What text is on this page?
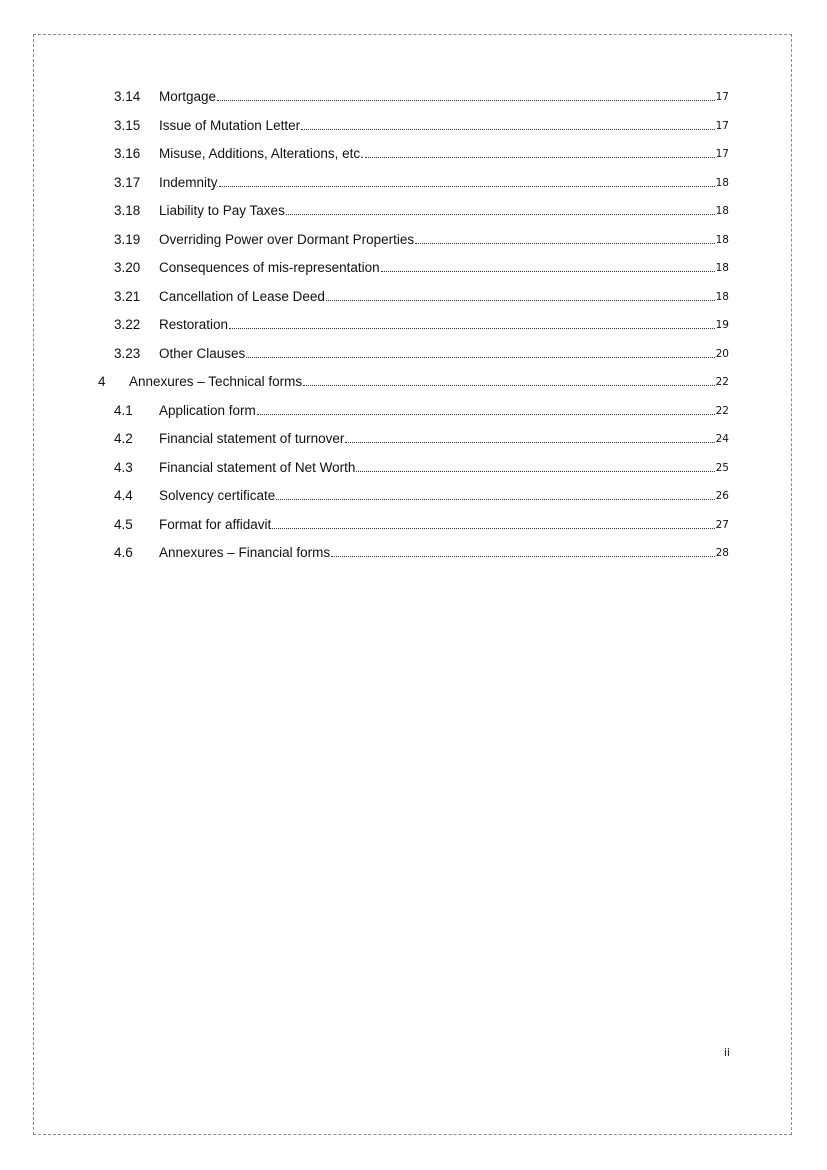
3.14	Mortgage	17
3.15	Issue of Mutation Letter	17
3.16	Misuse, Additions, Alterations, etc.	17
3.17	Indemnity	18
3.18	Liability to Pay Taxes	18
3.19	Overriding Power over Dormant Properties	18
3.20	Consequences of mis-representation	18
3.21	Cancellation of Lease Deed	18
3.22	Restoration	19
3.23	Other Clauses	20
4	Annexures – Technical forms	22
4.1	Application form	22
4.2	Financial statement of turnover	24
4.3	Financial statement of Net Worth	25
4.4	Solvency certificate	26
4.5	Format for affidavit	27
4.6	Annexures – Financial forms	28
ii
